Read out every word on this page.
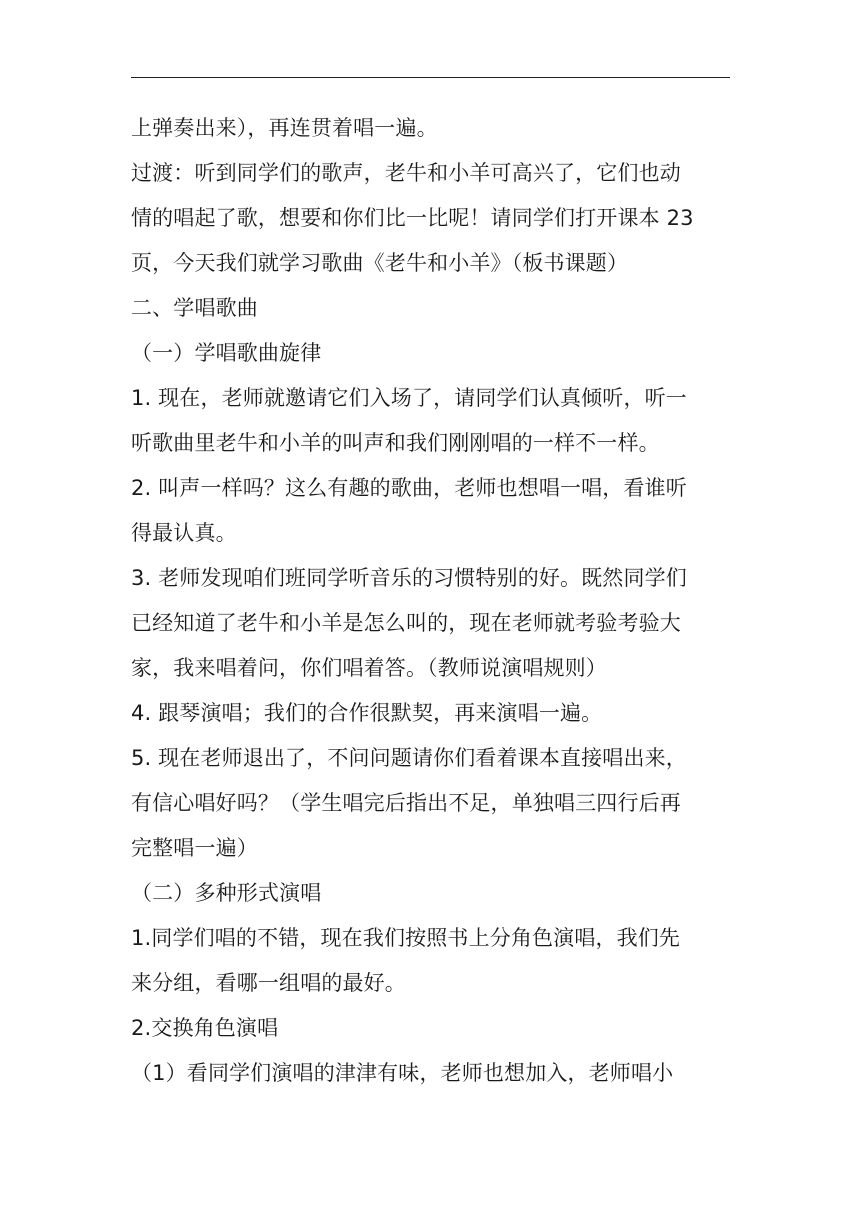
上弹奏出来），再连贯着唱一遍。
过渡：听到同学们的歌声，老牛和小羊可高兴了，它们也动
情的唱起了歌，想要和你们比一比呢！请同学们打开课本 23
页，今天我们就学习歌曲《老牛和小羊》（板书课题）
二、学唱歌曲
（一）学唱歌曲旋律
1. 现在，老师就邀请它们入场了，请同学们认真倾听，听一
听歌曲里老牛和小羊的叫声和我们刚刚唱的一样不一样。
2. 叫声一样吗？这么有趣的歌曲，老师也想唱一唱，看谁听
得最认真。
3. 老师发现咱们班同学听音乐的习惯特别的好。既然同学们
已经知道了老牛和小羊是怎么叫的，现在老师就考验考验大
家，我来唱着问，你们唱着答。（教师说演唱规则）
4. 跟琴演唱；我们的合作很默契，再来演唱一遍。
5. 现在老师退出了，不问问题请你们看着课本直接唱出来，
有信心唱好吗？（学生唱完后指出不足，单独唱三四行后再
完整唱一遍）
（二）多种形式演唱
1.同学们唱的不错，现在我们按照书上分角色演唱，我们先
来分组，看哪一组唱的最好。
2.交换角色演唱
（1）看同学们演唱的津津有味，老师也想加入，老师唱小
